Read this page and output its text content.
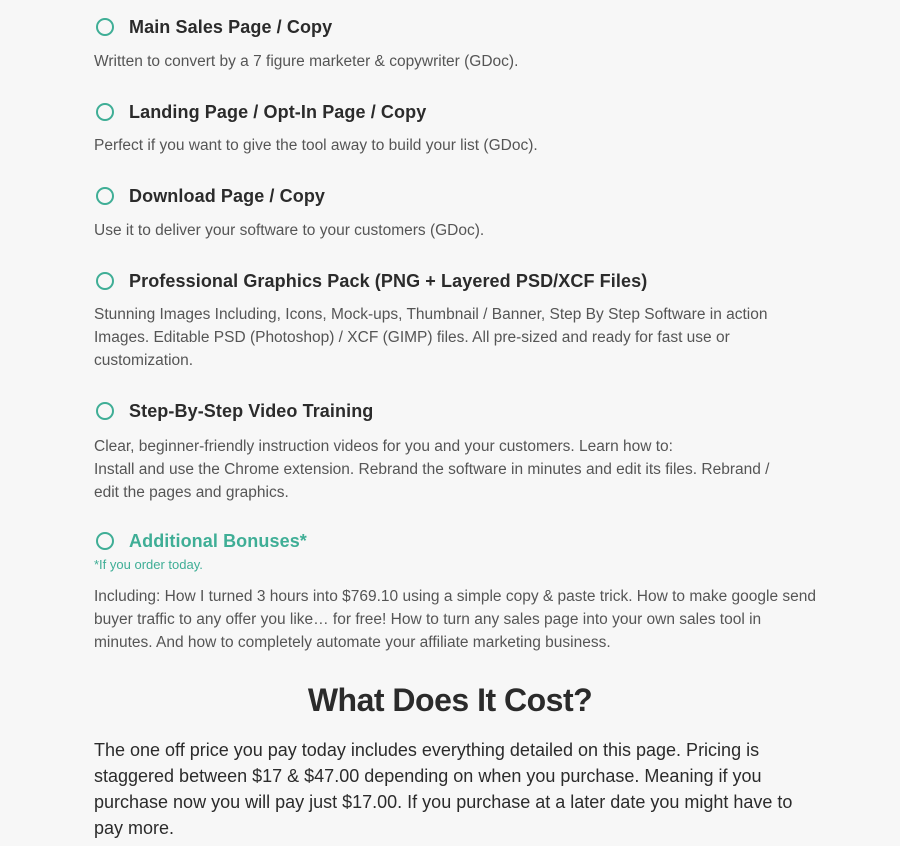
Main Sales Page / Copy

Written to convert by a 7 figure marketer & copywriter (GDoc).

Landing Page / Opt-In Page / Copy

Perfect if you want to give the tool away to build your list (GDoc).

Download Page / Copy

Use it to deliver your software to your customers (GDoc).

Professional Graphics Pack (PNG + Layered PSD/XCF Files)

Stunning Images Including, Icons, Mock-ups, Thumbnail / Banner, Step By Step Software in action Images. Editable PSD (Photoshop) / XCF (GIMP) files. All pre-sized and ready for fast use or customization.

Step-By-Step Video Training

Clear, beginner-friendly instruction videos for you and your customers. Learn how to:

Install and use the Chrome extension. Rebrand the software in minutes and edit its files. Rebrand / edit the pages and graphics.

Additional Bonuses*

*If you order today.

Including: How I turned 3 hours into $769.10 using a simple copy & paste trick. How to make google send buyer traffic to any offer you like… for free! How to turn any sales page into your own sales tool in minutes. And how to completely automate your affiliate marketing business.

What Does It Cost?

The one off price you pay today includes everything detailed on this page. Pricing is staggered between $17 & $47.00 depending on when you purchase. Meaning if you purchase now you will pay just $17.00. If you purchase at a later date you might have to pay more.
